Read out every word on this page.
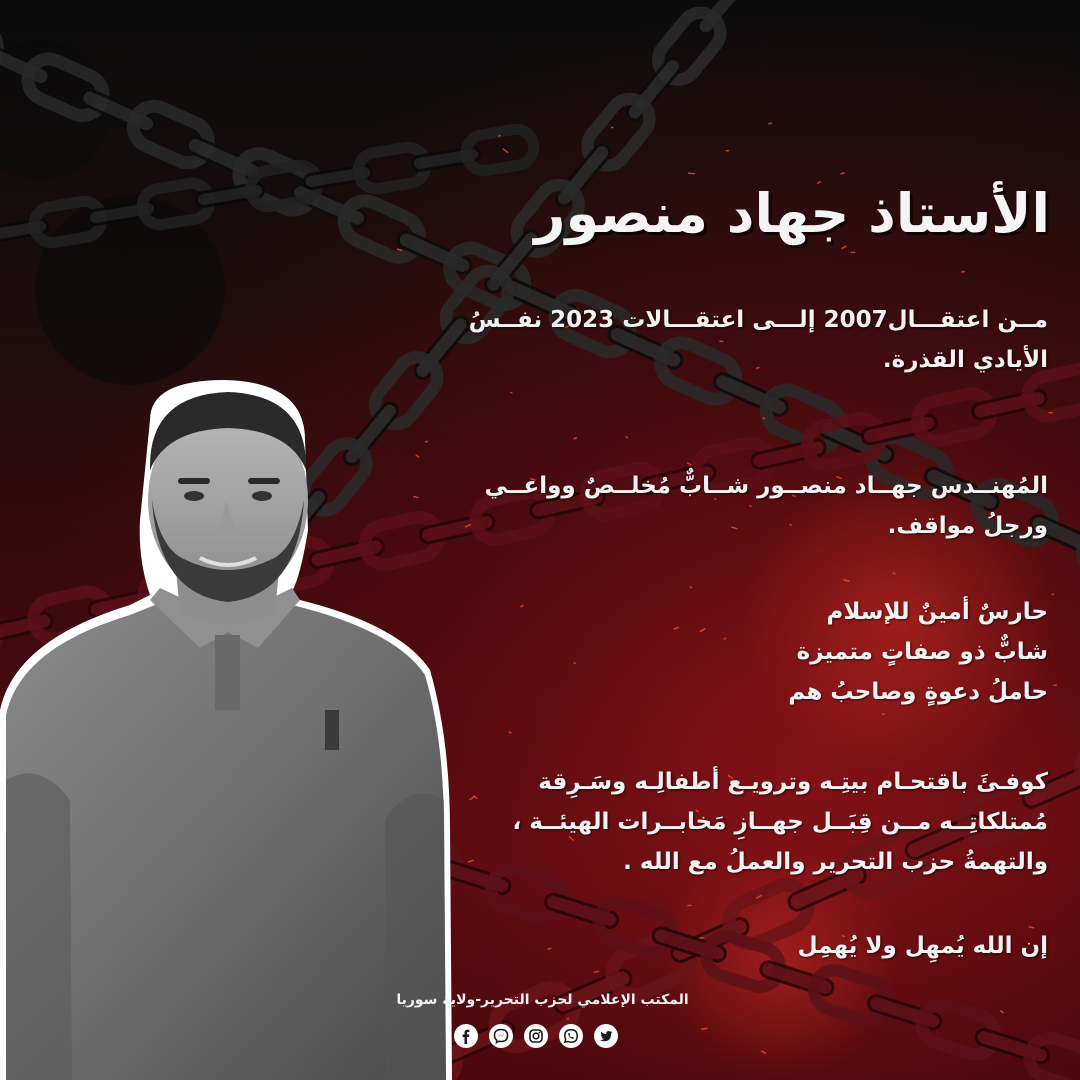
الأستاذ جهاد منصور
مــن اعتقـــال2007 إلـــى اعتقـــالات 2023 نفــسُ
الأيادي القذرة.
المُهنــدس جهــاد منصــور شــابٌّ مُخلــصٌ وواعــي
ورجلُ مواقف.
حارسٌ أمينٌ للإسلام
شابٌّ ذو صفاتٍ متميزة
حاملُ دعوةٍ وصاحبُ هم
كوفـئَ باقتحـام بيتِـه وترويـع أطفالِـه وسَـرِقة
مُمتلكاتِــه مــن قِبَــل جهــازِ مَخابــرات الهيئــة ،
والتهمةُ حزب التحرير والعملُ مع الله .
إن الله يُمهِل ولا يُهمِل
المكتب الإعلامي لحزب التحرير-ولاية سوريا
